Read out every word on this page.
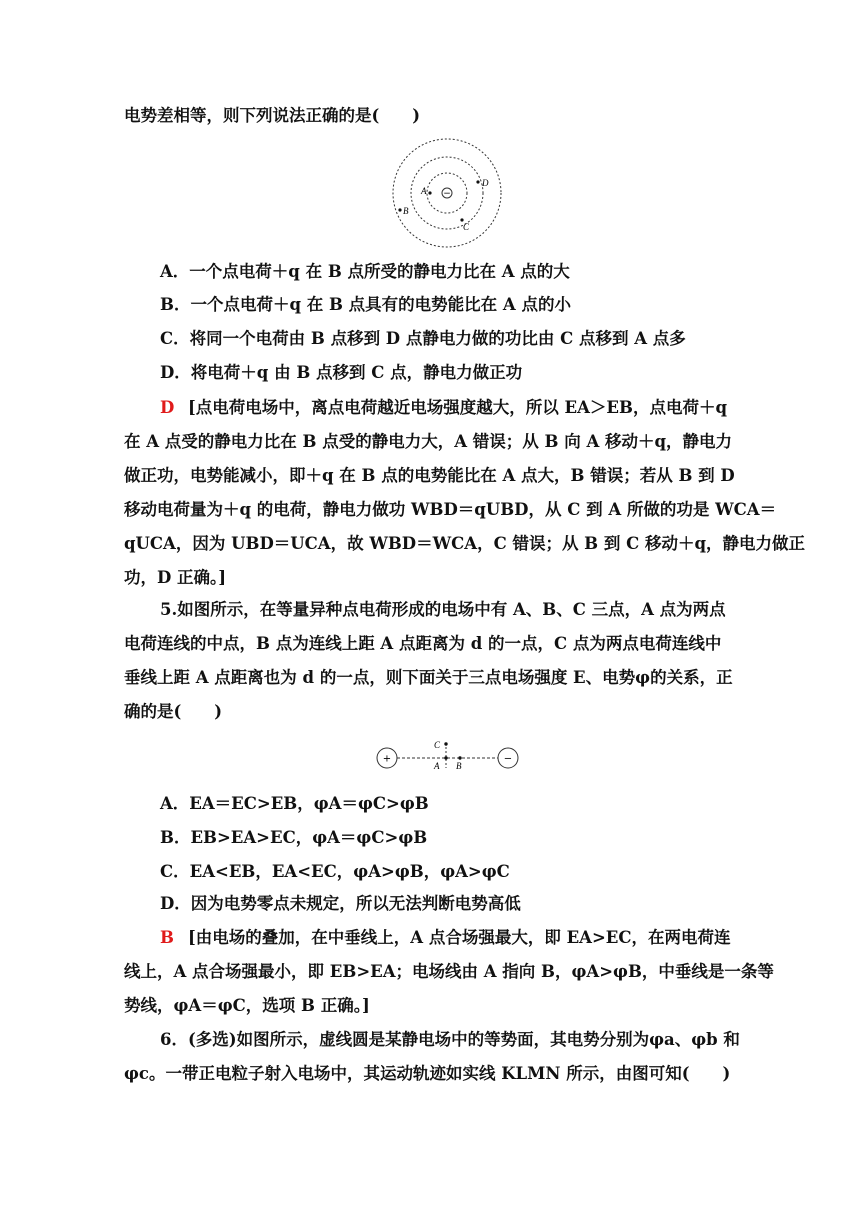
电势差相等，则下列说法正确的是(　　)
−
A
D
B
C
A．一个点电荷＋q 在 B 点所受的静电力比在 A 点的大
B．一个点电荷＋q 在 B 点具有的电势能比在 A 点的小
C．将同一个电荷由 B 点移到 D 点静电力做的功比由 C 点移到 A 点多
D．将电荷＋q 由 B 点移到 C 点，静电力做正功
D [点电荷电场中，离点电荷越近电场强度越大，所以 EA＞EB，点电荷＋q
在 A 点受的静电力比在 B 点受的静电力大，A 错误；从 B 向 A 移动＋q，静电力
做正功，电势能减小，即＋q 在 B 点的电势能比在 A 点大，B 错误；若从 B 到 D
移动电荷量为＋q 的电荷，静电力做功 WBD＝qUBD，从 C 到 A 所做的功是 WCA＝
qUCA，因为 UBD＝UCA，故 WBD＝WCA，C 错误；从 B 到 C 移动＋q，静电力做正
功，D 正确。]
5.如图所示，在等量异种点电荷形成的电场中有 A、B、C 三点，A 点为两点
电荷连线的中点，B 点为连线上距 A 点距离为 d 的一点，C 点为两点电荷连线中
垂线上距 A 点距离也为 d 的一点，则下面关于三点电场强度 E、电势φ的关系，正
确的是(　　)
+	−
C
A B
A．EA＝EC>EB，φA＝φC>φB
B．EB>EA>EC，φA＝φC>φB
C．EA<EB，EA<EC，φA>φB，φA>φC
D．因为电势零点未规定，所以无法判断电势高低
B [由电场的叠加，在中垂线上，A 点合场强最大，即 EA>EC，在两电荷连
线上，A 点合场强最小，即 EB>EA；电场线由 A 指向 B，φA>φB，中垂线是一条等
势线，φA＝φC，选项 B 正确。]
6．(多选)如图所示，虚线圆是某静电场中的等势面，其电势分别为φa、φb 和
φc。一带正电粒子射入电场中，其运动轨迹如实线 KLMN 所示，由图可知(　　)
